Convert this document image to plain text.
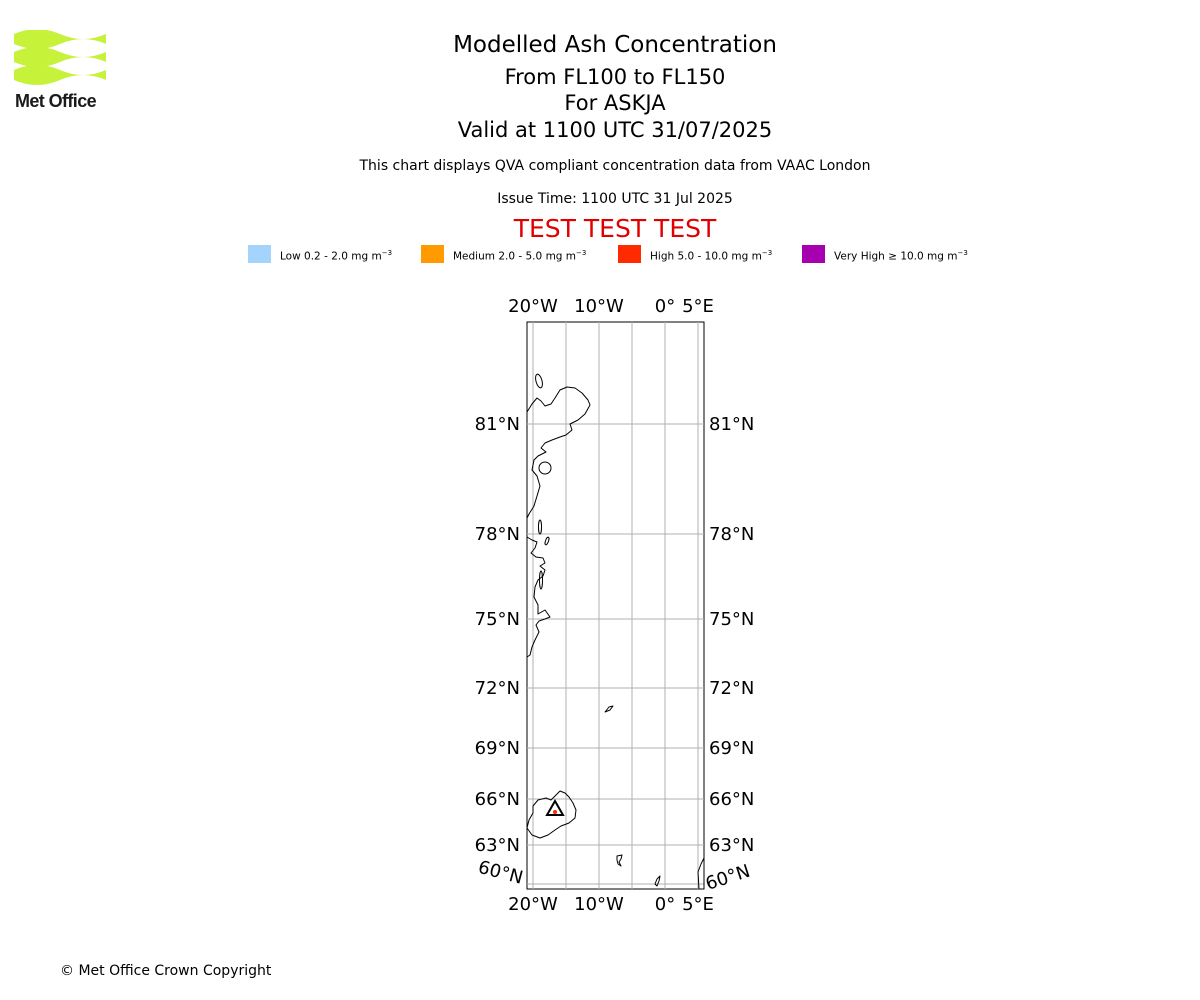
Met Office
Modelled Ash Concentration
From FL100 to FL150
For ASKJA
Valid at 1100 UTC 31/07/2025
This chart displays QVA compliant concentration data from VAAC London
Issue Time: 1100 UTC 31 Jul 2025
TEST TEST TEST
Low 0.2 - 2.0 mg $m^{-3}$	Medium 2.0 - 5.0 mg $m^{-3}$	High 5.0 - 10.0 mg $m^{-3}$	Very High ≥ 10.0 mg $m^{-3}$
20°W 10°W 0° 5°E
20°W 10°W 0° 5°E
81°N
78°N
75°N
72°N
69°N
66°N
63°N
60°N
81°N
78°N
75°N
72°N
69°N
66°N
63°N
60°N
© Met Office Crown Copyright
